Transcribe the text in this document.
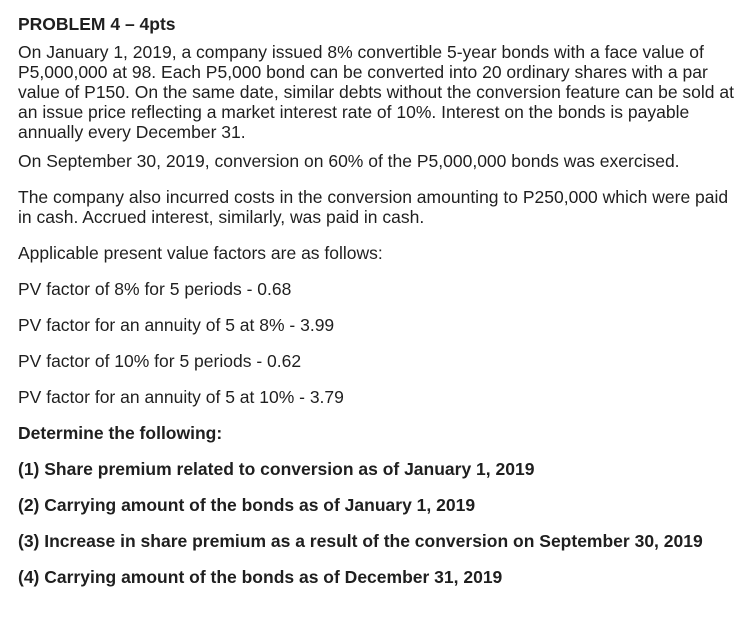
PROBLEM 4 – 4pts

On January 1, 2019, a company issued 8% convertible 5-year bonds with a face value of P5,000,000 at 98. Each P5,000 bond can be converted into 20 ordinary shares with a par value of P150. On the same date, similar debts without the conversion feature can be sold at an issue price reflecting a market interest rate of 10%. Interest on the bonds is payable annually every December 31.

On September 30, 2019, conversion on 60% of the P5,000,000 bonds was exercised.

The company also incurred costs in the conversion amounting to P250,000 which were paid in cash. Accrued interest, similarly, was paid in cash.

Applicable present value factors are as follows:

PV factor of 8% for 5 periods - 0.68

PV factor for an annuity of 5 at 8% - 3.99

PV factor of 10% for 5 periods - 0.62

PV factor for an annuity of 5 at 10% - 3.79

Determine the following:

(1) Share premium related to conversion as of January 1, 2019

(2) Carrying amount of the bonds as of January 1, 2019

(3) Increase in share premium as a result of the conversion on September 30, 2019

(4) Carrying amount of the bonds as of December 31, 2019
